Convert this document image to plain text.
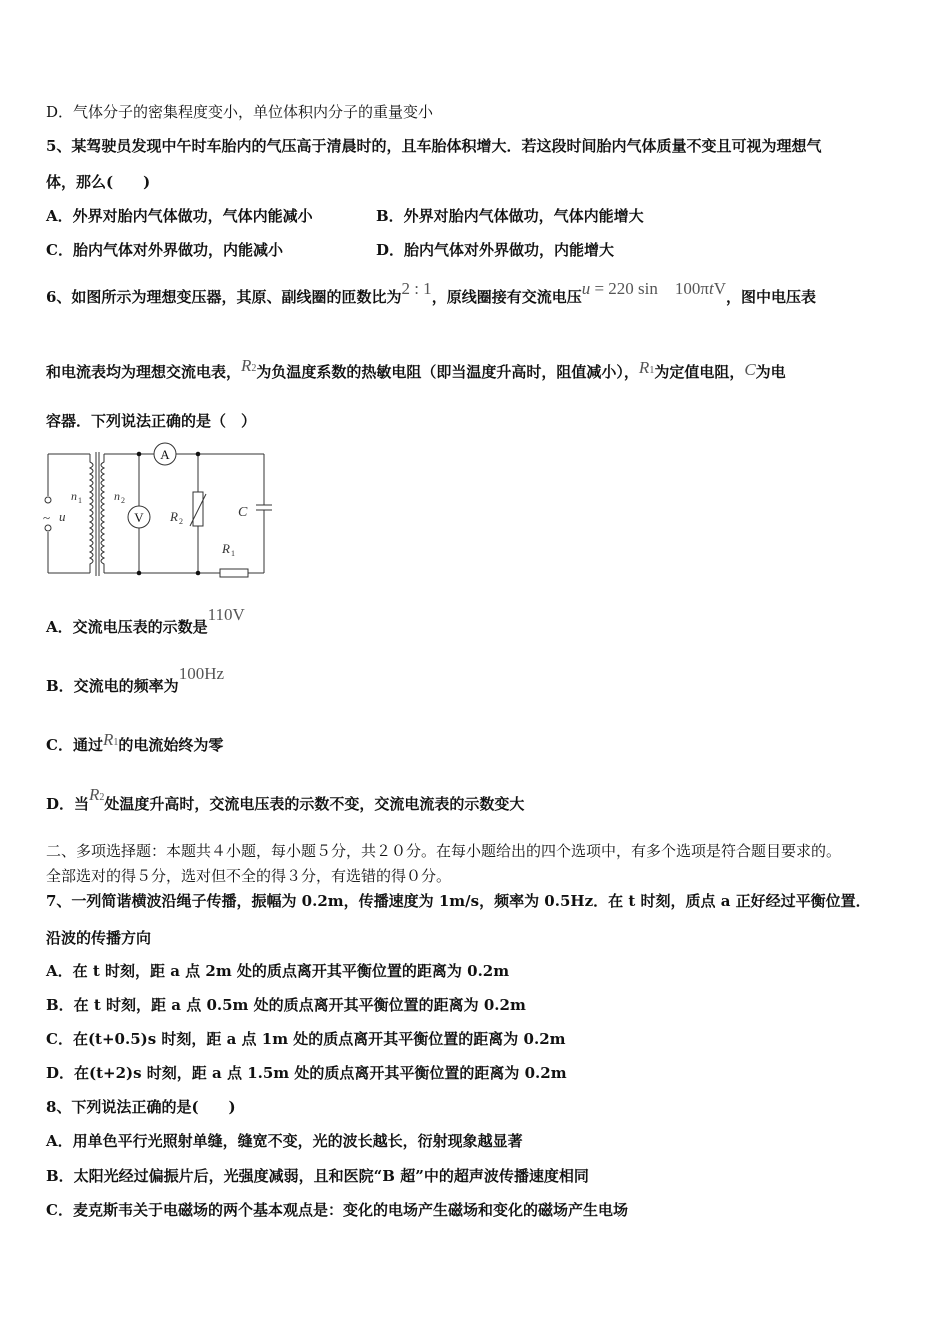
D．气体分子的密集程度变小，单位体积内分子的重量变小
5、某驾驶员发现中午时车胎内的气压高于清晨时的，且车胎体积增大．若这段时间胎内气体质量不变且可视为理想气
体，那么(　　)
A．外界对胎内气体做功，气体内能减小	B．外界对胎内气体做功，气体内能增大
C．胎内气体对外界做功，内能减小	D．胎内气体对外界做功，内能增大
6、如图所示为理想变压器，其原、副线圈的匝数比为2 : 1，原线圈接有交流电压u = 220 sin　100πtV，图中电压表
和电流表均为理想交流电表，R2为负温度系数的热敏电阻（即当温度升高时，阻值减小），R1为定值电阻，C为电
容器．下列说法正确的是（　）
A
V
~ u
n 1	n 2
R 2
C
R 1
A．交流电压表的示数是110V
B．交流电的频率为100Hz
C．通过R1的电流始终为零
D．当R2处温度升高时，交流电压表的示数不变，交流电流表的示数变大
二、多项选择题：本题共４小题，每小题５分，共２０分。在每小题给出的四个选项中，有多个选项是符合题目要求的。
全部选对的得５分，选对但不全的得３分，有选错的得０分。
7、一列简谐横波沿绳子传播，振幅为 0.2m，传播速度为 1m/s，频率为 0.5Hz．在 t 时刻，质点 a 正好经过平衡位置．
沿波的传播方向
A．在 t 时刻，距 a 点 2m 处的质点离开其平衡位置的距离为 0.2m
B．在 t 时刻，距 a 点 0.5m 处的质点离开其平衡位置的距离为 0.2m
C．在(t+0.5)s 时刻，距 a 点 1m 处的质点离开其平衡位置的距离为 0.2m
D．在(t+2)s 时刻，距 a 点 1.5m 处的质点离开其平衡位置的距离为 0.2m
8、下列说法正确的是(　　)
A．用单色平行光照射单缝，缝宽不变，光的波长越长，衍射现象越显著
B．太阳光经过偏振片后，光强度减弱，且和医院“B 超”中的超声波传播速度相同
C．麦克斯韦关于电磁场的两个基本观点是：变化的电场产生磁场和变化的磁场产生电场
